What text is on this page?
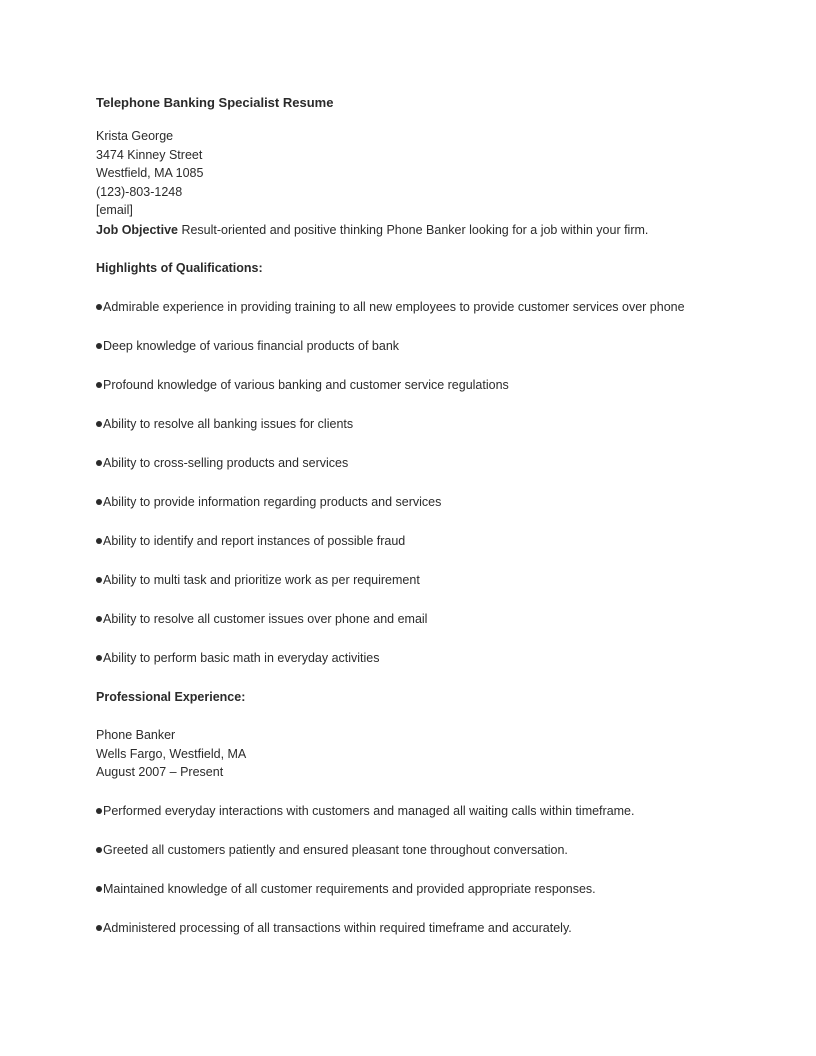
Telephone Banking Specialist Resume
Krista George
3474 Kinney Street
Westfield, MA 1085
(123)-803-1248
[email]
Job Objective Result-oriented and positive thinking Phone Banker looking for a job within your firm.
Highlights of Qualifications:
Admirable experience in providing training to all new employees to provide customer services over phone
Deep knowledge of various financial products of bank
Profound knowledge of various banking and customer service regulations
Ability to resolve all banking issues for clients
Ability to cross-selling products and services
Ability to provide information regarding products and services
Ability to identify and report instances of possible fraud
Ability to multi task and prioritize work as per requirement
Ability to resolve all customer issues over phone and email
Ability to perform basic math in everyday activities
Professional Experience:
Phone Banker
Wells Fargo, Westfield, MA
August 2007 – Present
Performed everyday interactions with customers and managed all waiting calls within timeframe.
Greeted all customers patiently and ensured pleasant tone throughout conversation.
Maintained knowledge of all customer requirements and provided appropriate responses.
Administered processing of all transactions within required timeframe and accurately.
